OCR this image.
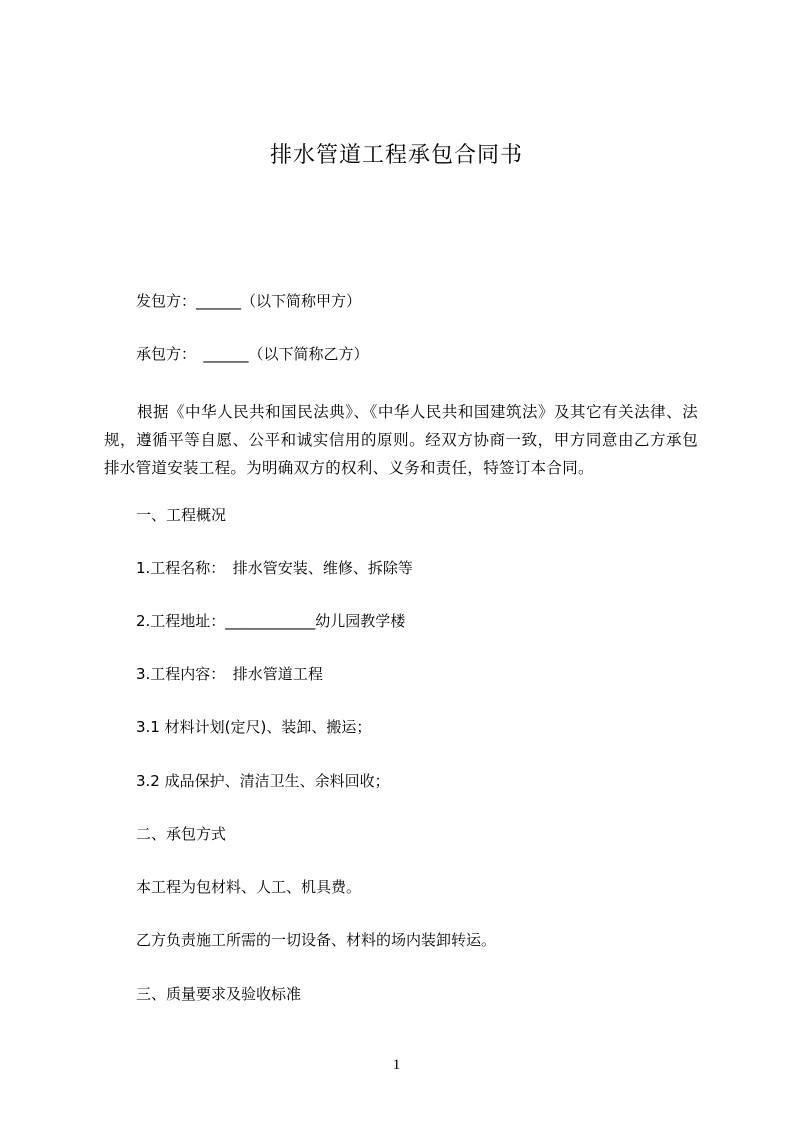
排水管道工程承包合同书
发包方：______（以下简称甲方）
承包方：　______（以下简称乙方）
根据《中华人民共和国民法典》、《中华人民共和国建筑法》及其它有关法律、法规，遵循平等自愿、公平和诚实信用的原则。经双方协商一致，甲方同意由乙方承包排水管道安装工程。为明确双方的权利、义务和责任，特签订本合同。
一、工程概况
1.工程名称：　排水管安装、维修、拆除等
2.工程地址：____________幼儿园教学楼
3.工程内容：　排水管道工程
3.1 材料计划(定尺)、装卸、搬运；
3.2 成品保护、清洁卫生、余料回收；
二、承包方式
本工程为包材料、人工、机具费。
乙方负责施工所需的一切设备、材料的场内装卸转运。
三、质量要求及验收标准
1
